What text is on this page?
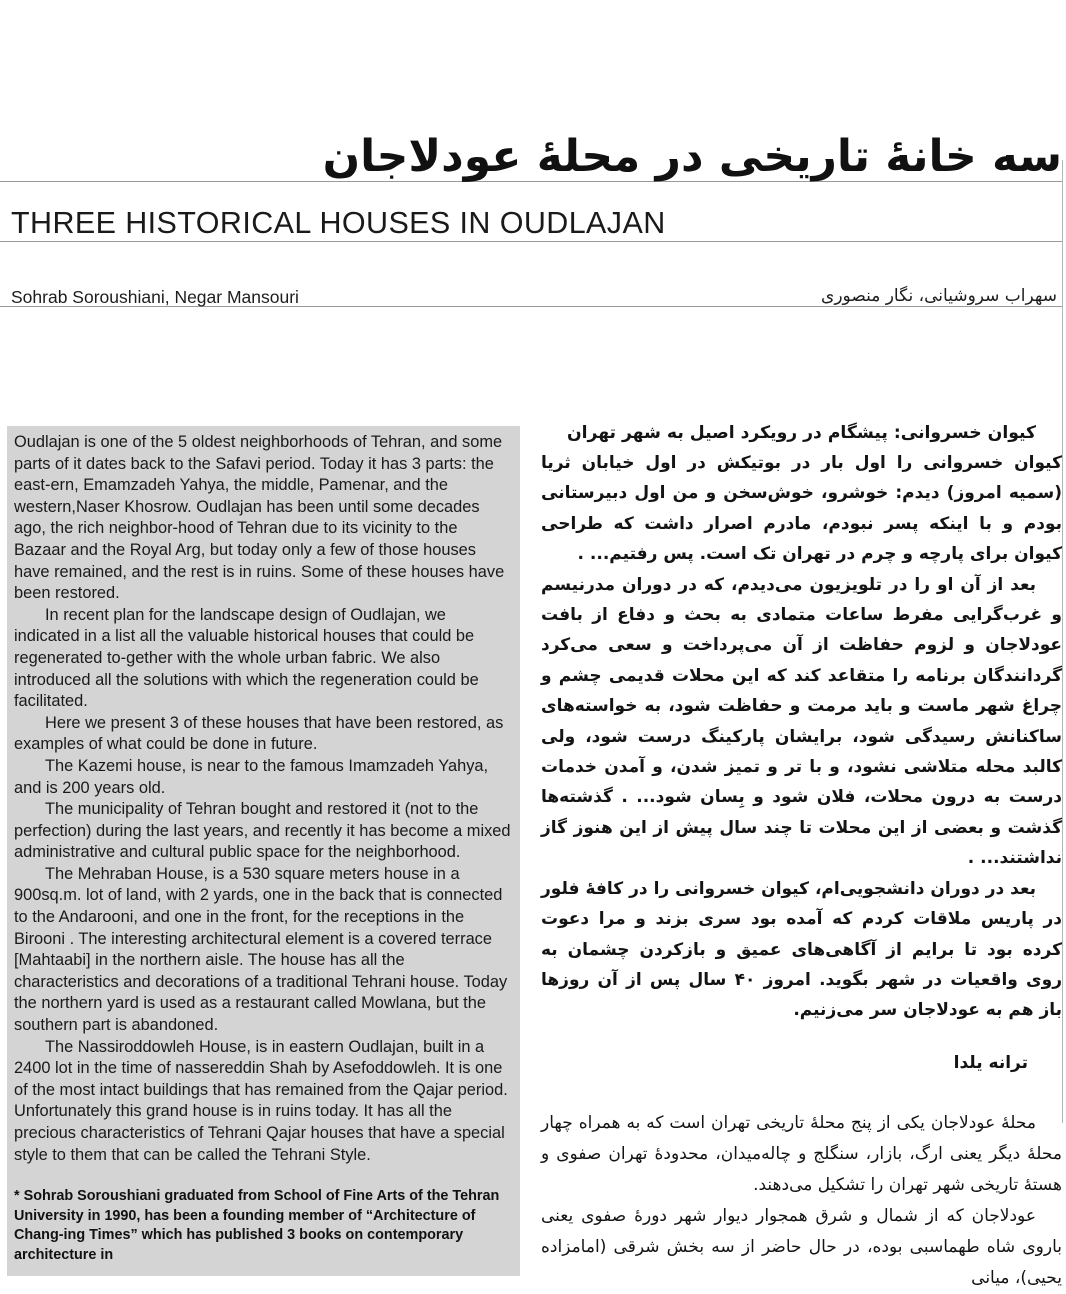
سه خانهٔ تاریخی در محلهٔ عودلاجان
THREE HISTORICAL HOUSES IN OUDLAJAN
Sohrab Soroushiani, Negar Mansouri	سهراب سروشیانی، نگار منصوری

Oudlajan is one of the 5 oldest neighborhoods of Tehran, and some parts of it dates back to the Safavi period. Today it has 3 parts: the east-ern, Emamzadeh Yahya, the middle, Pamenar, and the western,Naser Khosrow. Oudlajan has been until some decades ago, the rich neighbor-hood of Tehran due to its vicinity to the Bazaar and the Royal Arg, but today only a few of those houses have remained, and the rest is in ruins. Some of these houses have been restored.

In recent plan for the landscape design of Oudlajan, we indicated in a list all the valuable historical houses that could be regenerated to-gether with the whole urban fabric. We also introduced all the solutions with which the regeneration could be facilitated.

Here we present 3 of these houses that have been restored, as examples of what could be done in future.

The Kazemi house, is near to the famous Imamzadeh Yahya, and is 200 years old.

The municipality of Tehran bought and restored it (not to the perfection) during the last years, and recently it has become a mixed administrative and cultural public space for the neighborhood.

The Mehraban House, is a 530 square meters house in a 900sq.m. lot of land, with 2 yards, one in the back that is connected to the Andarooni, and one in the front, for the receptions in the Birooni . The interesting architectural element is a covered terrace [Mahtaabi] in the northern aisle. The house has all the characteristics and decorations of a traditional Tehrani house. Today the northern yard is used as a restaurant called Mowlana, but the southern part is abandoned.

The Nassiroddowleh House, is in eastern Oudlajan, built in a 2400 lot in the time of nassereddin Shah by Asefoddowleh. It is one of the most intact buildings that has remained from the Qajar period. Unfortunately this grand house is in ruins today. It has all the precious characteristics of Tehrani Qajar houses that have a special style to them that can be called the Tehrani Style.

* Sohrab Soroushiani graduated from School of Fine Arts of the Tehran University in 1990, has been a founding member of “Architecture of Chang-ing Times” which has published 3 books on contemporary architecture in
کیوان خسروانی: پیشگام در رویکرد اصیل به شهر تهران

کیوان خسروانی را اول بار در بوتیکش در اول خیابان ثریا (سمیه امروز) دیدم: خوشرو، خوش‌سخن و من اول دبیرستانی بودم و با اینکه پسر نبودم، مادرم اصرار داشت که طراحی کیوان برای پارچه و چرم در تهران تک است. پس رفتیم... .

بعد از آن او را در تلویزیون می‌دیدم، که در دوران مدرنیسم و غرب‌گرایی مفرط ساعات متمادی به بحث و دفاع از بافت عودلاجان و لزوم حفاظت از آن می‌پرداخت و سعی می‌کرد گردانندگان برنامه را متقاعد کند که این محلات قدیمی چشم و چراغ شهر ماست و باید مرمت و حفاظت شود، به خواسته‌های ساکنانش رسیدگی شود، برایشان پارکینگ درست شود، ولی کالبد محله متلاشی نشود، و با تر و تمیز شدن، و آمدن خدمات درست به درون محلات، فلان شود و بِسان شود... . گذشته‌ها گذشت و بعضی از این محلات تا چند سال پیش از این هنوز گاز نداشتند... .

بعد در دوران دانشجویی‌ام، کیوان خسروانی را در کافهٔ فلور در پاریس ملاقات کردم که آمده بود سری بزند و مرا دعوت کرده بود تا برایم از آگاهی‌های عمیق و بازکردن چشمان به روی واقعیات در شهر بگوید. امروز ۴۰ سال پس از آن روزها باز هم به عودلاجان سر می‌زنیم.

ترانه یلدا

محلهٔ عودلاجان یکی از پنج محلهٔ تاریخی تهران است که به همراه چهار محلهٔ دیگر یعنی ارگ، بازار، سنگلج و چاله‌میدان، محدودهٔ تهران صفوی و هستهٔ تاریخی شهر تهران را تشکیل می‌دهند.

عودلاجان که از شمال و شرق همجوار دیوار شهر دورهٔ صفوی یعنی باروی شاه طهماسبی بوده، در حال حاضر از سه بخش شرقی (امامزاده یحیی)، میانی
